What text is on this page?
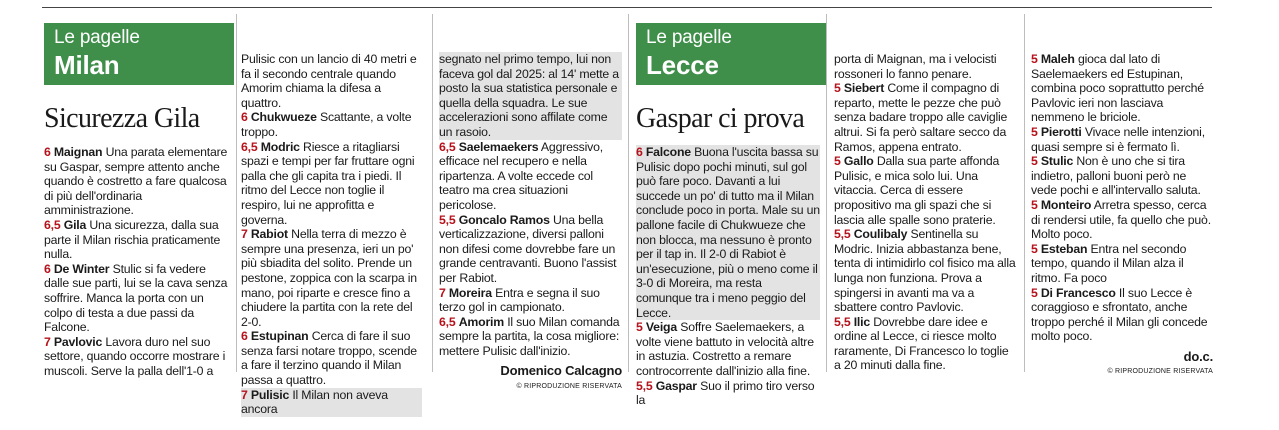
Le pagelle
Milan
Sicurezza Gila

6 Maignan Una parata elementare su Gaspar, sempre attento anche quando è costretto a fare qualcosa di più dell'ordinaria amministrazione.

6,5 Gila Una sicurezza, dalla sua parte il Milan rischia praticamente nulla.

6 De Winter Stulic si fa vedere dalle sue parti, lui se la cava senza soffrire. Manca la porta con un colpo di testa a due passi da Falcone.

7 Pavlovic Lavora duro nel suo settore, quando occorre mostrare i muscoli. Serve la palla dell'1-0 a

Pulisic con un lancio di 40 metri e fa il secondo centrale quando Amorim chiama la difesa a quattro.

6 Chukwueze Scattante, a volte troppo.

6,5 Modric Riesce a ritagliarsi spazi e tempi per far fruttare ogni palla che gli capita tra i piedi. Il ritmo del Lecce non toglie il respiro, lui ne approfitta e governa.

7 Rabiot Nella terra di mezzo è sempre una presenza, ieri un po' più sbiadita del solito. Prende un pestone, zoppica con la scarpa in mano, poi riparte e cresce fino a chiudere la partita con la rete del 2-0.

6 Estupinan Cerca di fare il suo senza farsi notare troppo, scende a fare il terzino quando il Milan passa a quattro.

7 Pulisic Il Milan non aveva ancora

segnato nel primo tempo, lui non faceva gol dal 2025: al 14' mette a posto la sua statistica personale e quella della squadra. Le sue accelerazioni sono affilate come un rasoio.

6,5 Saelemaekers Aggressivo, efficace nel recupero e nella ripartenza. A volte eccede col teatro ma crea situazioni pericolose.

5,5 Goncalo Ramos Una bella verticalizzazione, diversi palloni non difesi come dovrebbe fare un grande centravanti. Buono l'assist per Rabiot.

7 Moreira Entra e segna il suo terzo gol in campionato.

6,5 Amorim Il suo Milan comanda sempre la partita, la cosa migliore: mettere Pulisic dall'inizio.

Domenico Calcagno
© RIPRODUZIONE RISERVATA
Le pagelle
Lecce
Gaspar ci prova

6 Falcone Buona l'uscita bassa su Pulisic dopo pochi minuti, sul gol può fare poco. Davanti a lui succede un po' di tutto ma il Milan conclude poco in porta. Male su un pallone facile di Chukwueze che non blocca, ma nessuno è pronto per il tap in. Il 2-0 di Rabiot è un'esecuzione, più o meno come il 3-0 di Moreira, ma resta comunque tra i meno peggio del Lecce.

5 Veiga Soffre Saelemaekers, a volte viene battuto in velocità altre in astuzia. Costretto a remare controcorrente dall'inizio alla fine.

5,5 Gaspar Suo il primo tiro verso la

porta di Maignan, ma i velocisti rossoneri lo fanno penare.

5 Siebert Come il compagno di reparto, mette le pezze che può senza badare troppo alle caviglie altrui. Si fa però saltare secco da Ramos, appena entrato.

5 Gallo Dalla sua parte affonda Pulisic, e mica solo lui. Una vitaccia. Cerca di essere propositivo ma gli spazi che si lascia alle spalle sono praterie.

5,5 Coulibaly Sentinella su Modric. Inizia abbastanza bene, tenta di intimidirlo col fisico ma alla lunga non funziona. Prova a spingersi in avanti ma va a sbattere contro Pavlovic.

5,5 Ilic Dovrebbe dare idee e ordine al Lecce, ci riesce molto raramente, Di Francesco lo toglie a 20 minuti dalla fine.

5 Maleh gioca dal lato di Saelemaekers ed Estupinan, combina poco soprattutto perché Pavlovic ieri non lasciava nemmeno le briciole.

5 Pierotti Vivace nelle intenzioni, quasi sempre si è fermato lì.

5 Stulic Non è uno che si tira indietro, palloni buoni però ne vede pochi e all'intervallo saluta.

5 Monteiro Arretra spesso, cerca di rendersi utile, fa quello che può. Molto poco.

5 Esteban Entra nel secondo tempo, quando il Milan alza il ritmo. Fa poco

5 Di Francesco Il suo Lecce è coraggioso e sfrontato, anche troppo perché il Milan gli concede molto poco.

do.c.
© RIPRODUZIONE RISERVATA
